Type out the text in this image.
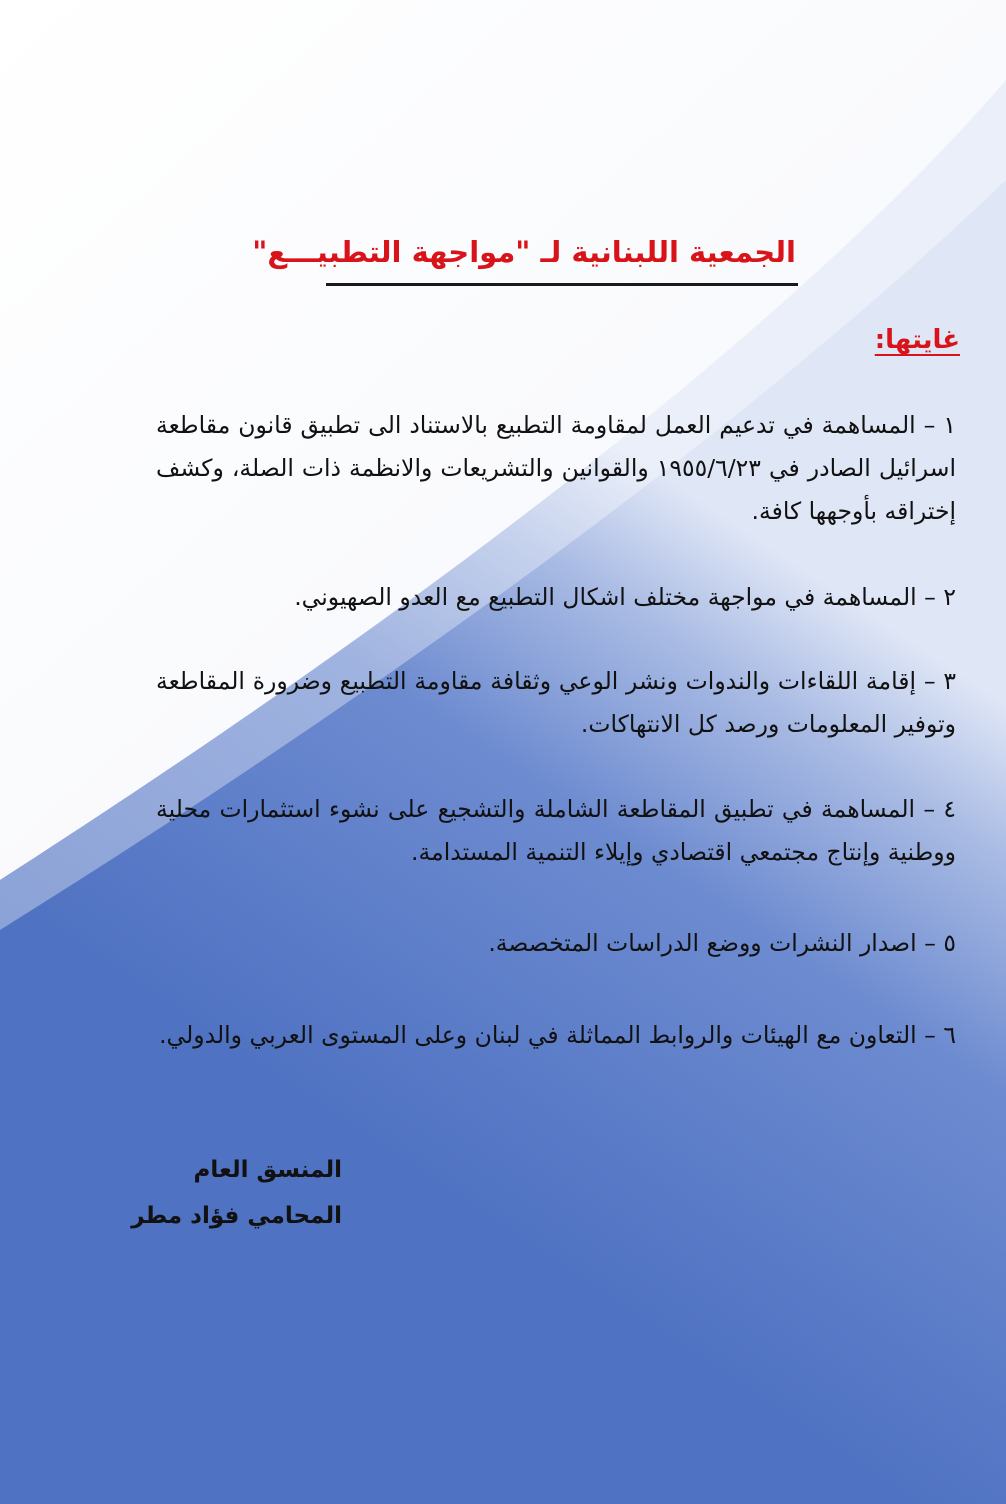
الجمعية اللبنانية لـ "مواجهة التطبيـــع"
غايتها:

١ – المساهمة في تدعيم العمل لمقاومة التطبيع بالاستناد الى تطبيق قانون مقاطعة اسرائيل الصادر في ١٩٥٥/٦/٢٣ والقوانين والتشريعات والانظمة ذات الصلة، وكشف إختراقه بأوجهها كافة.

٢ – المساهمة في مواجهة مختلف اشكال التطبيع مع العدو الصهيوني.

٣ – إقامة اللقاءات والندوات ونشر الوعي وثقافة مقاومة التطبيع وضرورة المقاطعة وتوفير المعلومات ورصد كل الانتهاكات.

٤ – المساهمة في تطبيق المقاطعة الشاملة والتشجيع على نشوء استثمارات محلية ووطنية وإنتاج مجتمعي اقتصادي وإيلاء التنمية المستدامة.

٥ – اصدار النشرات ووضع الدراسات المتخصصة.

٦ – التعاون مع الهيئات والروابط المماثلة في لبنان وعلى المستوى العربي والدولي.

المنسق العام

المحامي فؤاد مطر
